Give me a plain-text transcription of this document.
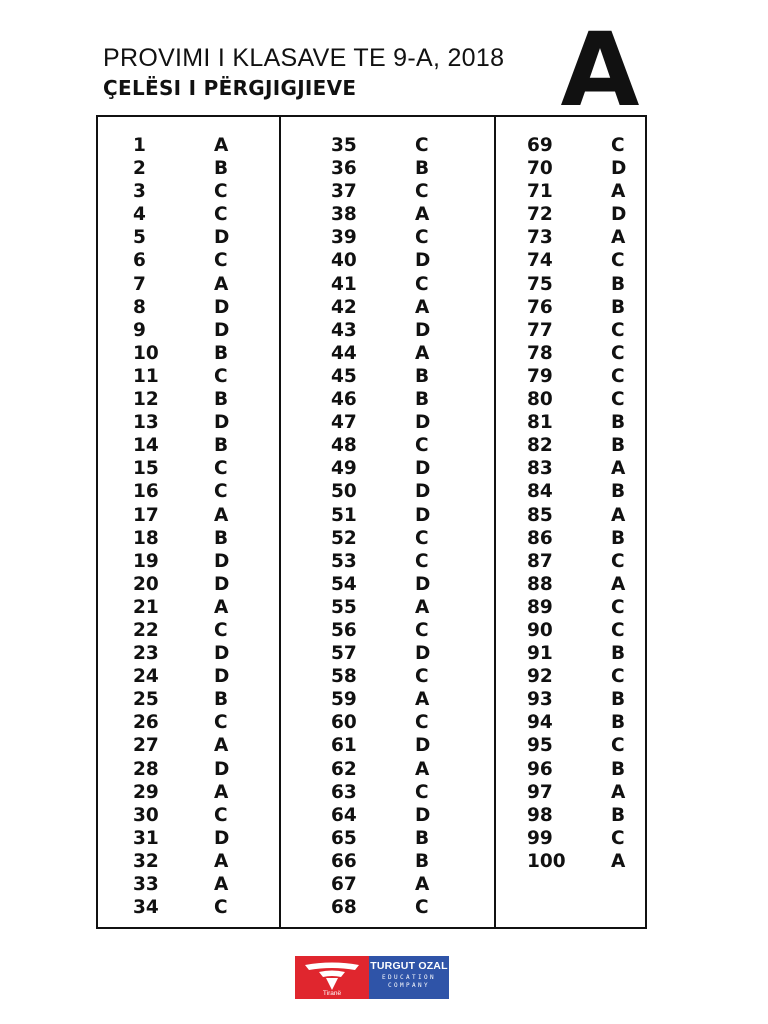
PROVIMI I KLASAVE TE 9-A, 2018
ÇELËSI I PËRGJIGJIEVE A
1	A
2	B
3	C
4	C
5	D
6	C
7	A
8	D
9	D
10	B
11	C
12	B
13	D
14	B
15	C
16	C
17	A
18	B
19	D
20	D
21	A
22	C
23	D
24	D
25	B
26	C
27	A
28	D
29	A
30	C
31	D
32	A
33	A
34	C
35	C
36	B
37	C
38	A
39	C
40	D
41	C
42	A
43	D
44	A
45	B
46	B
47	D
48	C
49	D
50	D
51	D
52	C
53	C
54	D
55	A
56	C
57	D
58	C
59	A
60	C
61	D
62	A
63	C
64	D
65	B
66	B
67	A
68	C
69	C
70	D
71	A
72	D
73	A
74	C
75	B
76	B
77	C
78	C
79	C
80	C
81	B
82	B
83	A
84	B
85	A
86	B
87	C
88	A
89	C
90	C
91	B
92	C
93	B
94	B
95	C
96	B
97	A
98	B
99	C
100 A
Tiranë
TURGUT OZAL
EDUCATION
COMPANY
